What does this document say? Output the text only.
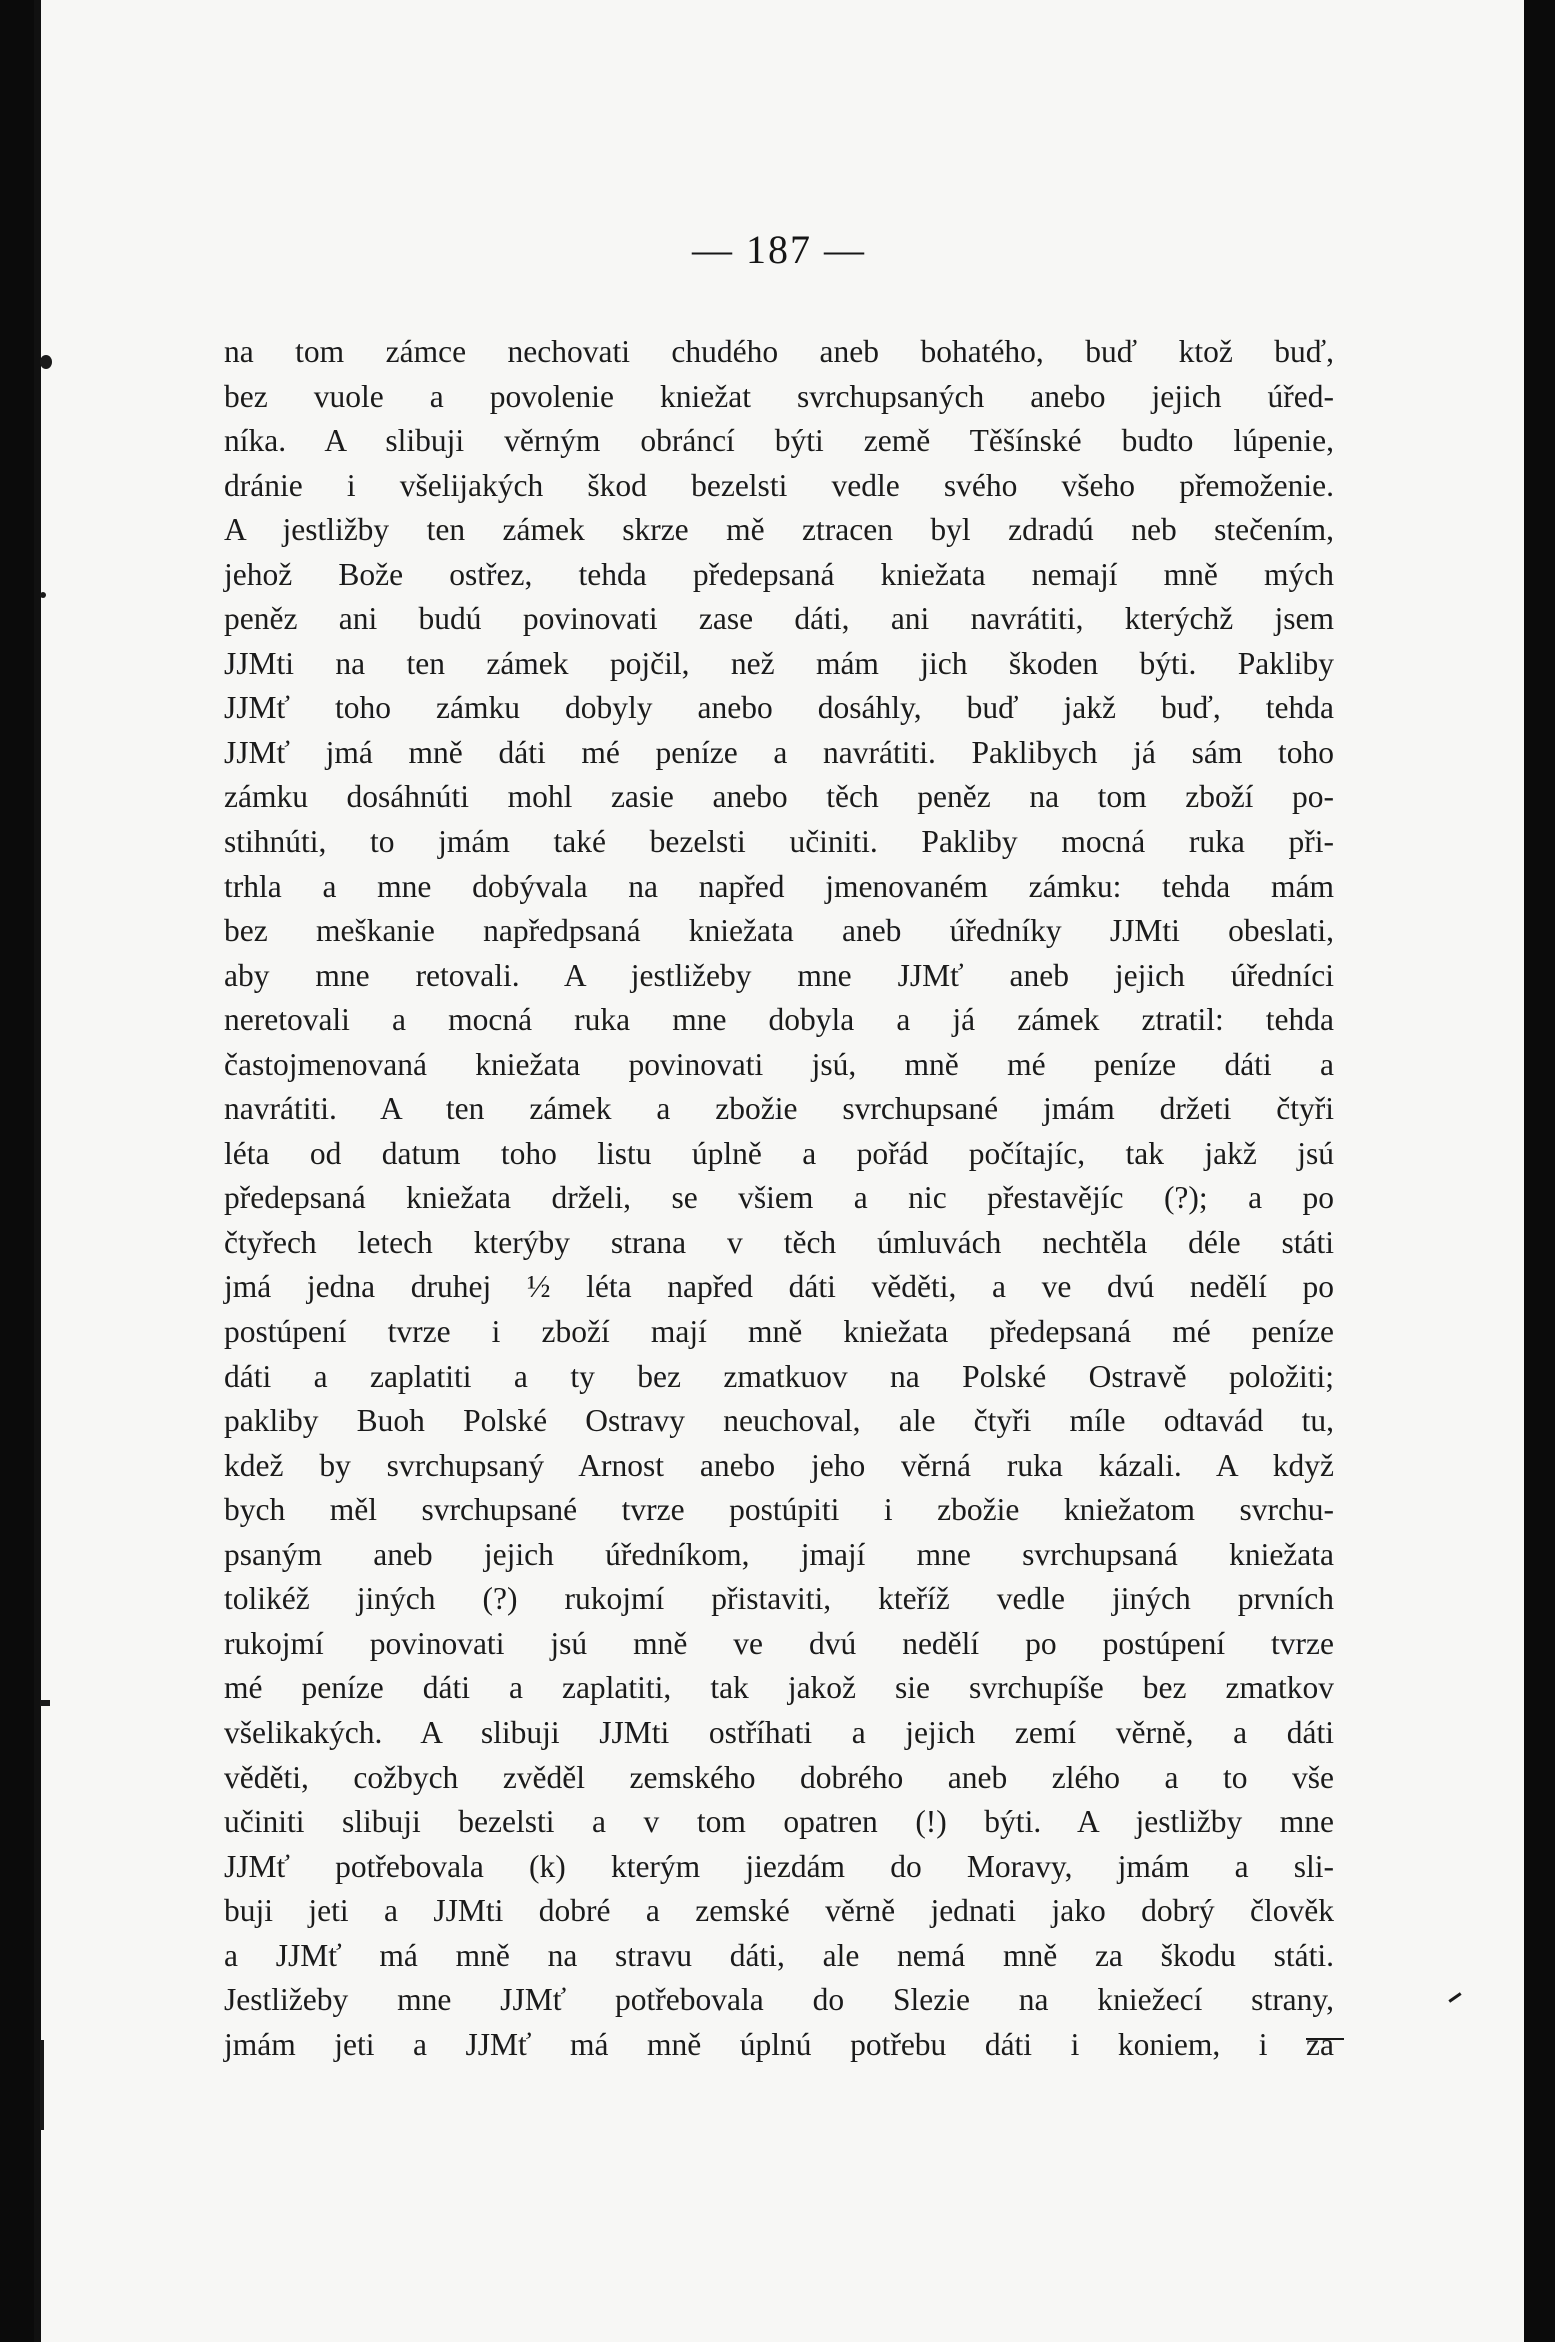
— 187 —
na tom zámce nechovati chudého aneb bohatého, buď ktož buď,
bez vuole a povolenie kniežat svrchupsaných anebo jejich úřed-
níka. A slibuji věrným obráncí býti země Těšínské budto lúpenie,
dránie i všelijakých škod bezelsti vedle svého všeho přemoženie.
A jestližby ten zámek skrze mě ztracen byl zdradú neb stečením,
jehož Bože ostřez, tehda předepsaná kniežata nemají mně mých
peněz ani budú povinovati zase dáti, ani navrátiti, kterýchž jsem
JJMti na ten zámek pojčil, než mám jich škoden býti. Pakliby
JJMť toho zámku dobyly anebo dosáhly, buď jakž buď, tehda
JJMť jmá mně dáti mé peníze a navrátiti. Paklibych já sám toho
zámku dosáhnúti mohl zasie anebo těch peněz na tom zboží po-
stihnúti, to jmám také bezelsti učiniti. Pakliby mocná ruka při-
trhla a mne dobývala na napřed jmenovaném zámku: tehda mám
bez meškanie napředpsaná kniežata aneb úředníky JJMti obeslati,
aby mne retovali. A jestližeby mne JJMť aneb jejich úředníci
neretovali a mocná ruka mne dobyla a já zámek ztratil: tehda
častojmenovaná kniežata povinovati jsú, mně mé peníze dáti a
navrátiti. A ten zámek a zbožie svrchupsané jmám držeti čtyři
léta od datum toho listu úplně a pořád počítajíc, tak jakž jsú
předepsaná kniežata drželi, se všiem a nic přestavějíc (?); a po
čtyřech letech kterýby strana v těch úmluvách nechtěla déle státi
jmá jedna druhej ½ léta napřed dáti věděti, a ve dvú nedělí po
postúpení tvrze i zboží mají mně kniežata předepsaná mé peníze
dáti a zaplatiti a ty bez zmatkuov na Polské Ostravě položiti;
pakliby Buoh Polské Ostravy neuchoval, ale čtyři míle odtavád tu,
kdež by svrchupsaný Arnost anebo jeho věrná ruka kázali. A když
bych měl svrchupsané tvrze postúpiti i zbožie kniežatom svrchu-
psaným aneb jejich úředníkom, jmají mne svrchupsaná kniežata
tolikéž jiných (?) rukojmí přistaviti, kteříž vedle jiných prvních
rukojmí povinovati jsú mně ve dvú nedělí po postúpení tvrze
mé peníze dáti a zaplatiti, tak jakož sie svrchupíše bez zmatkov
všelikakých. A slibuji JJMti ostříhati a jejich zemí věrně, a dáti
věděti, cožbych zvěděl zemského dobrého aneb zlého a to vše
učiniti slibuji bezelsti a v tom opatren (!) býti. A jestližby mne
JJMť potřebovala (k) kterým jiezdám do Moravy, jmám a sli-
buji jeti a JJMti dobré a zemské věrně jednati jako dobrý člověk
a JJMť má mně na stravu dáti, ale nemá mně za škodu státi.
Jestližeby mne JJMť potřebovala do Slezie na kniežecí strany,
jmám jeti a JJMť má mně úplnú potřebu dáti i koniem, i za
